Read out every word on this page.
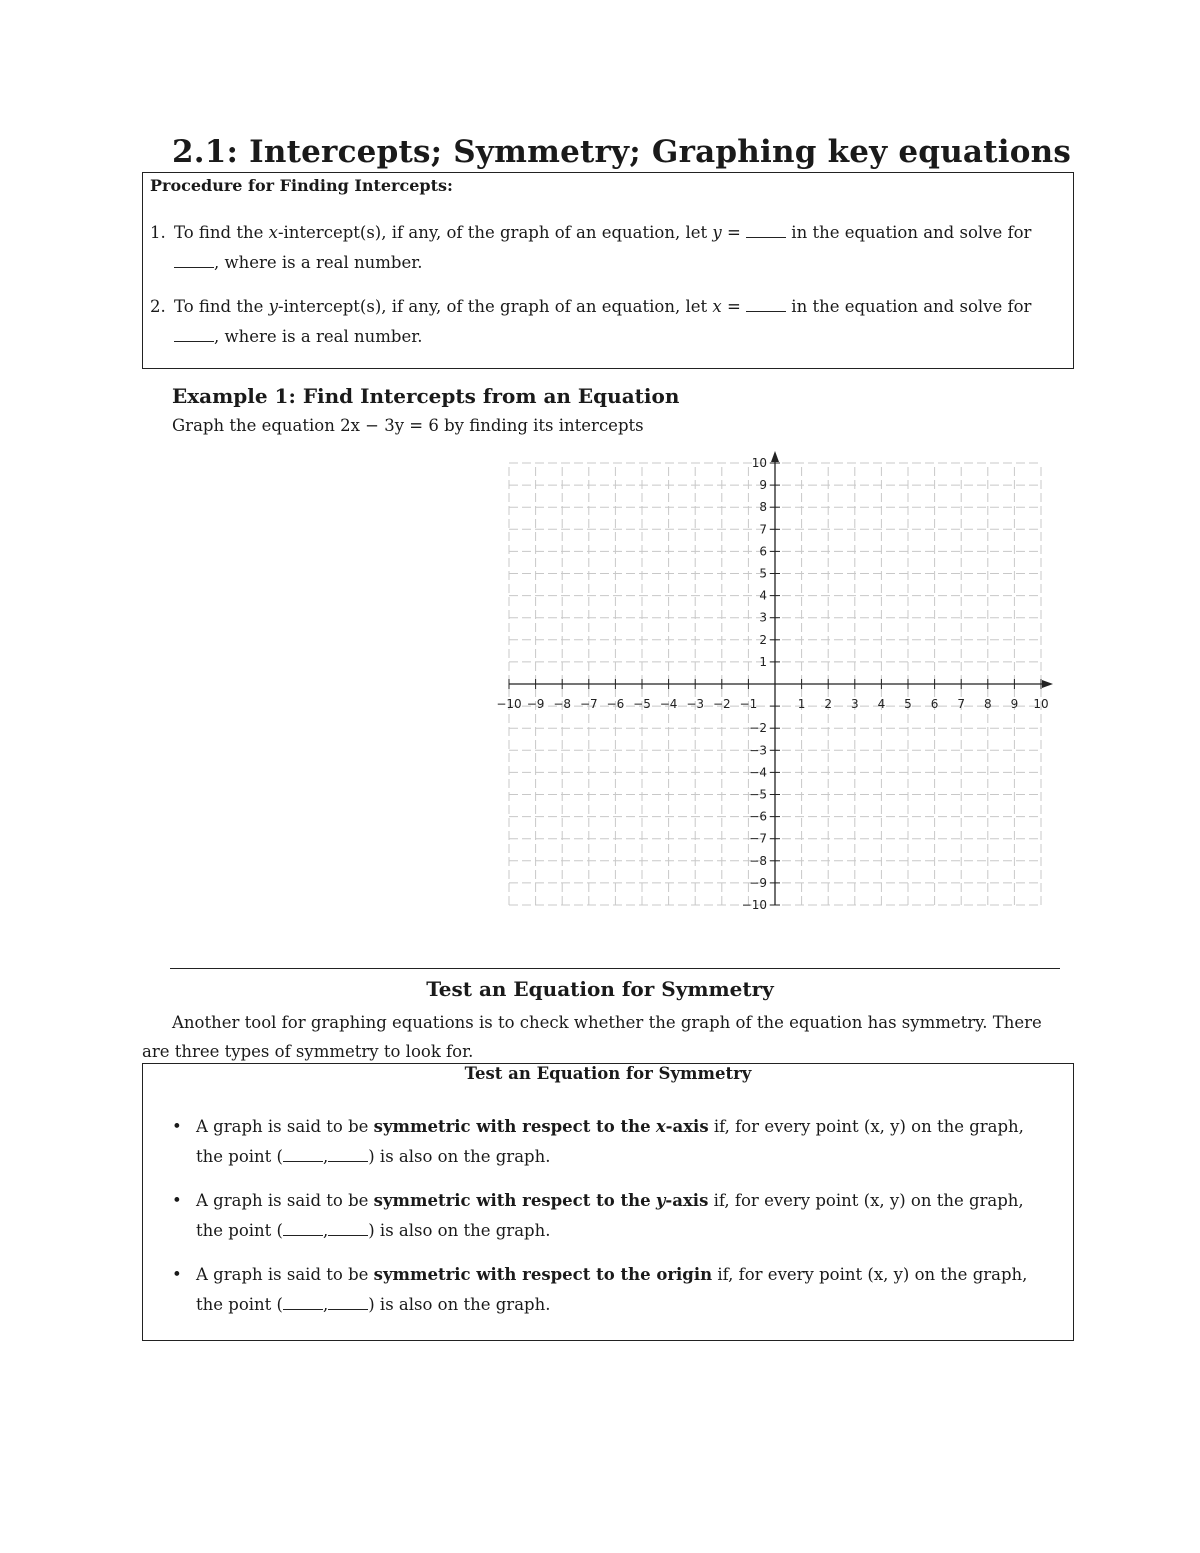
2.1: Intercepts; Symmetry; Graphing key equations
Procedure for Finding Intercepts:
1. To find the x-intercept(s), if any, of the graph of an equation, let y =	in the equation and solve for
, where is a real number.
2. To find the y-intercept(s), if any, of the graph of an equation, let x =	in the equation and solve for
, where is a real number.
Example 1: Find Intercepts from an Equation
Graph the equation 2x − 3y = 6 by finding its intercepts
−10 −9 −8 −7 −6 −5 −4 −3 −2 −1	1 2 3 4 5 6 7 8 9 10
−10
−9
−8
−7
−6
−5
−4
−3
−2
1
2
3
4
5
6
7
8
9
10
Test an Equation for Symmetry
Another tool for graphing equations is to check whether the graph of the equation has symmetry. There are three types of symmetry to look for.
Test an Equation for Symmetry
• A graph is said to be symmetric with respect to the x-axis if, for every point (x, y) on the graph,
the point ( , ) is also on the graph.
• A graph is said to be symmetric with respect to the y-axis if, for every point (x, y) on the graph,
the point ( , ) is also on the graph.
• A graph is said to be symmetric with respect to the origin if, for every point (x, y) on the graph,
the point ( , ) is also on the graph.
